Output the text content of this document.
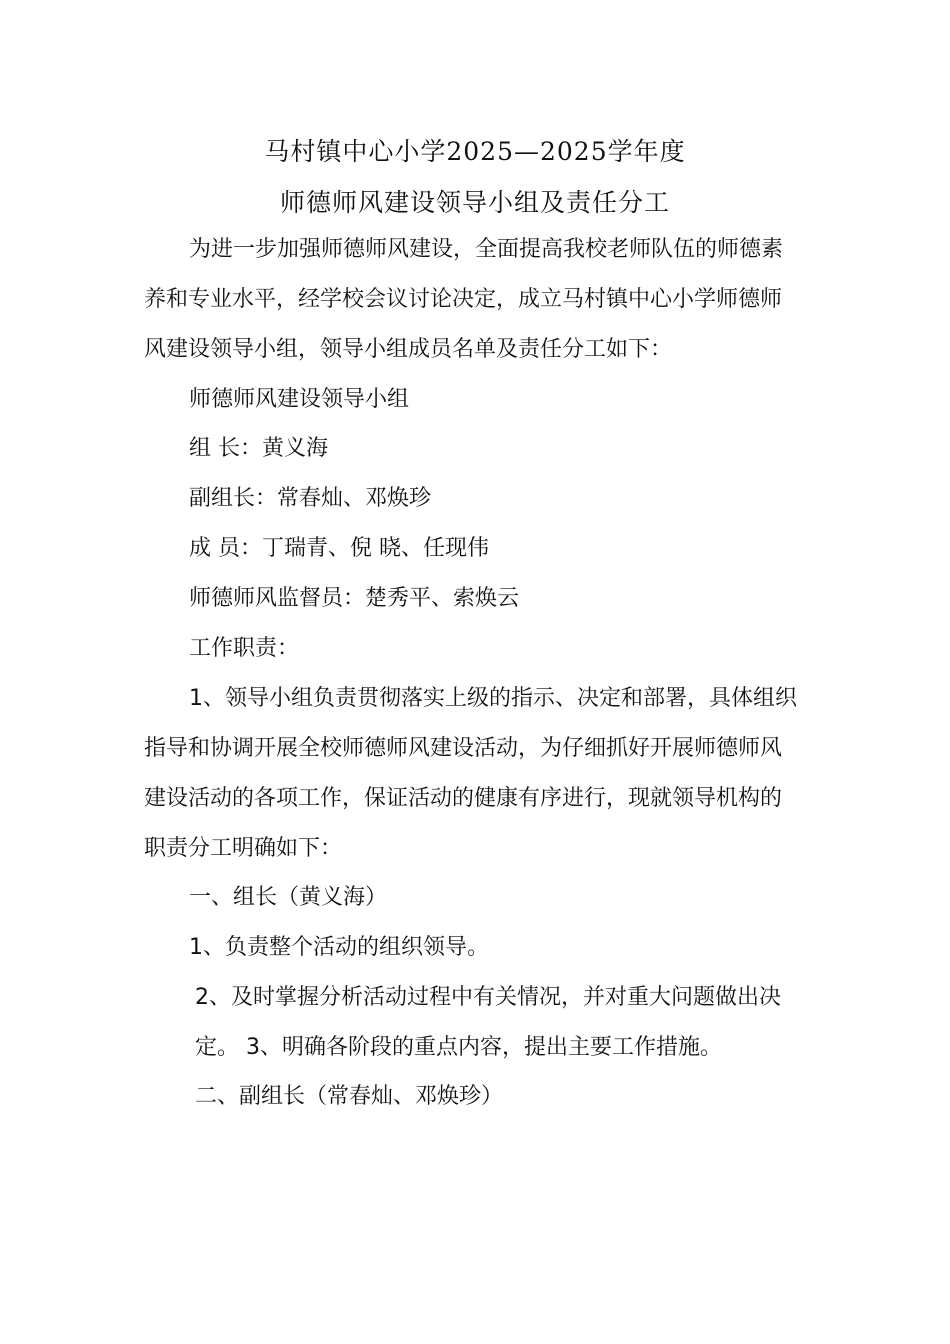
马村镇中心小学2025—2025学年度
师德师风建设领导小组及责任分工
为进一步加强师德师风建设，全面提高我校老师队伍的师德素
养和专业水平，经学校会议讨论决定，成立马村镇中心小学师德师
风建设领导小组，领导小组成员名单及责任分工如下：
师德师风建设领导小组
组 长：黄义海
副组长：常春灿、邓焕珍
成 员：丁瑞青、倪 晓、任现伟
师德师风监督员：楚秀平、索焕云
工作职责：
1、领导小组负责贯彻落实上级的指示、决定和部署，具体组织
指导和协调开展全校师德师风建设活动，为仔细抓好开展师德师风
建设活动的各项工作，保证活动的健康有序进行，现就领导机构的
职责分工明确如下：
一、组长（黄义海）
1、负责整个活动的组织领导。
2、及时掌握分析活动过程中有关情况，并对重大问题做出决
定。 3、明确各阶段的重点内容，提出主要工作措施。
二、副组长（常春灿、邓焕珍）
